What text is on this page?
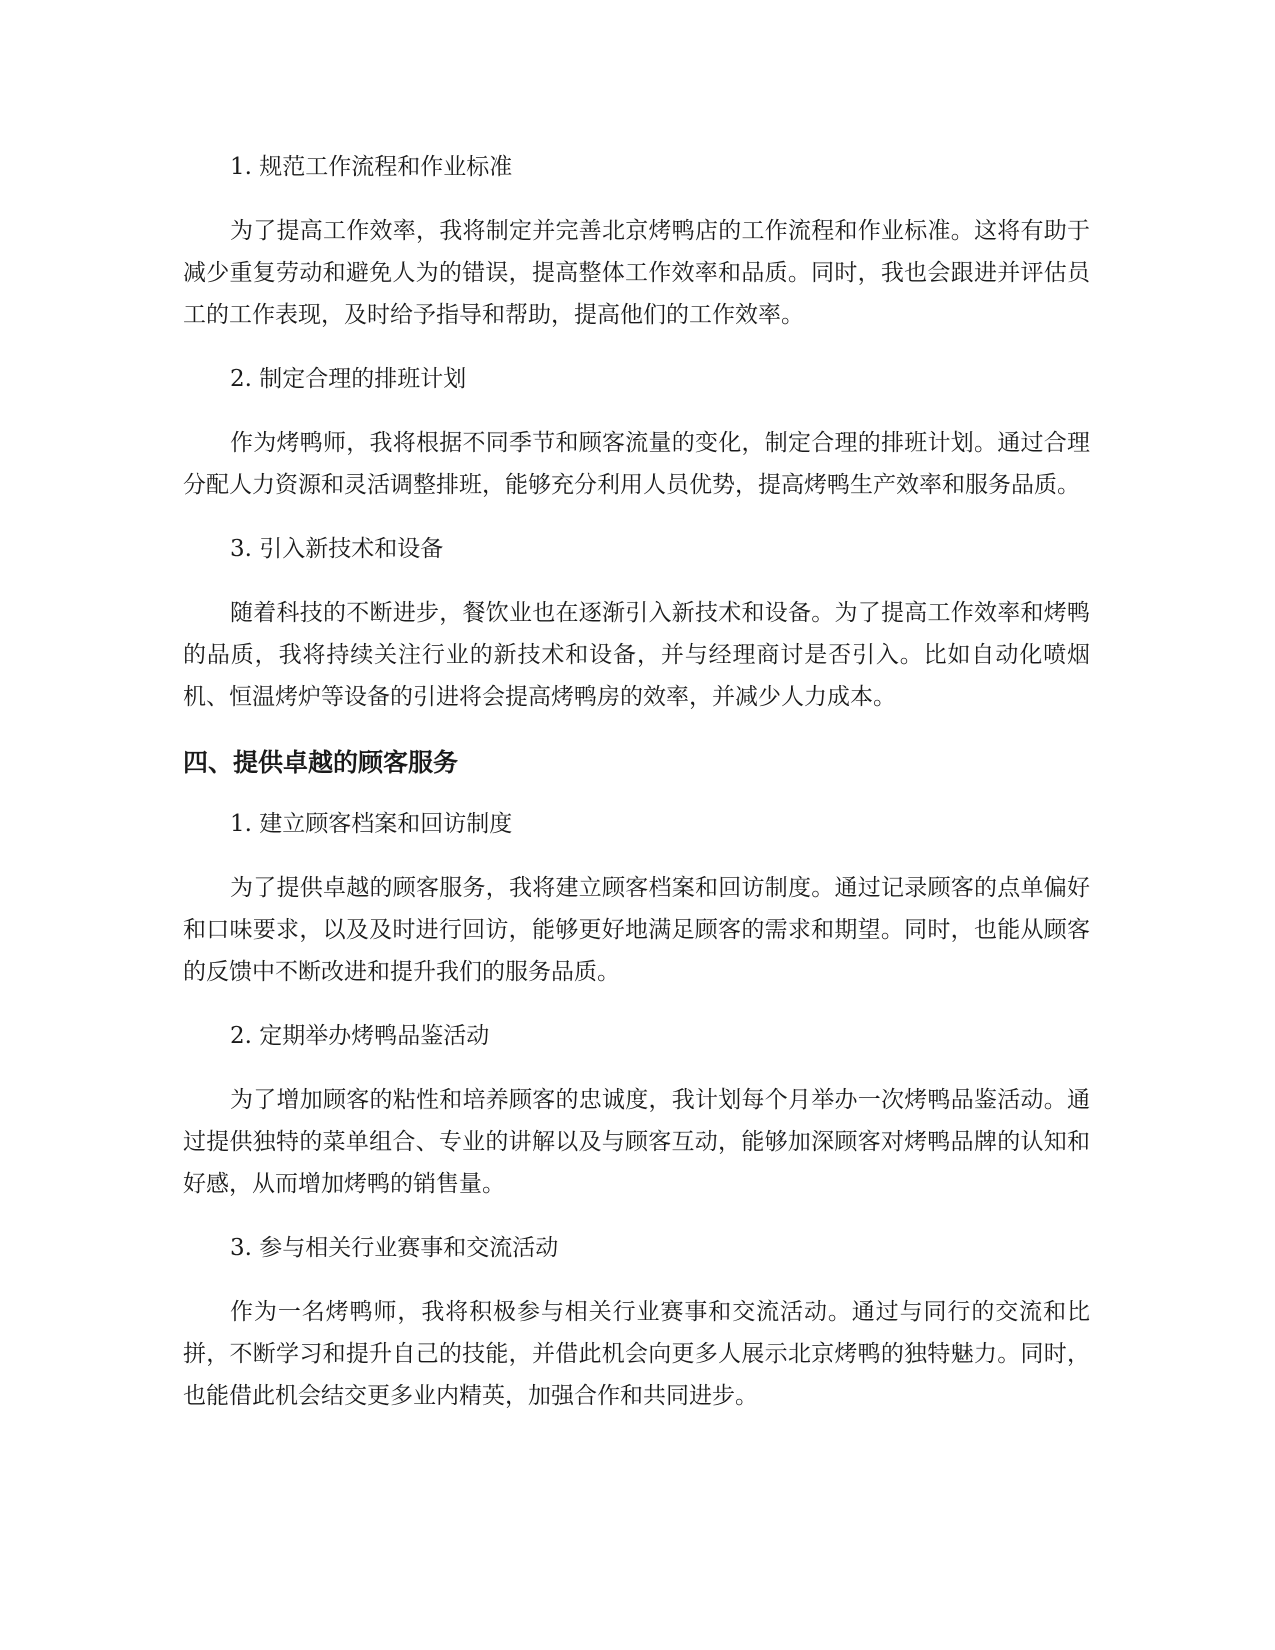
1. 规范工作流程和作业标准

为了提高工作效率，我将制定并完善北京烤鸭店的工作流程和作业标准。这将有助于减少重复劳动和避免人为的错误，提高整体工作效率和品质。同时，我也会跟进并评估员工的工作表现，及时给予指导和帮助，提高他们的工作效率。

2. 制定合理的排班计划

作为烤鸭师，我将根据不同季节和顾客流量的变化，制定合理的排班计划。通过合理分配人力资源和灵活调整排班，能够充分利用人员优势，提高烤鸭生产效率和服务品质。

3. 引入新技术和设备

随着科技的不断进步，餐饮业也在逐渐引入新技术和设备。为了提高工作效率和烤鸭的品质，我将持续关注行业的新技术和设备，并与经理商讨是否引入。比如自动化喷烟机、恒温烤炉等设备的引进将会提高烤鸭房的效率，并减少人力成本。

四、提供卓越的顾客服务

1. 建立顾客档案和回访制度

为了提供卓越的顾客服务，我将建立顾客档案和回访制度。通过记录顾客的点单偏好和口味要求，以及及时进行回访，能够更好地满足顾客的需求和期望。同时，也能从顾客的反馈中不断改进和提升我们的服务品质。

2. 定期举办烤鸭品鉴活动

为了增加顾客的粘性和培养顾客的忠诚度，我计划每个月举办一次烤鸭品鉴活动。通过提供独特的菜单组合、专业的讲解以及与顾客互动，能够加深顾客对烤鸭品牌的认知和好感，从而增加烤鸭的销售量。

3. 参与相关行业赛事和交流活动

作为一名烤鸭师，我将积极参与相关行业赛事和交流活动。通过与同行的交流和比拼，不断学习和提升自己的技能，并借此机会向更多人展示北京烤鸭的独特魅力。同时，也能借此机会结交更多业内精英，加强合作和共同进步。
